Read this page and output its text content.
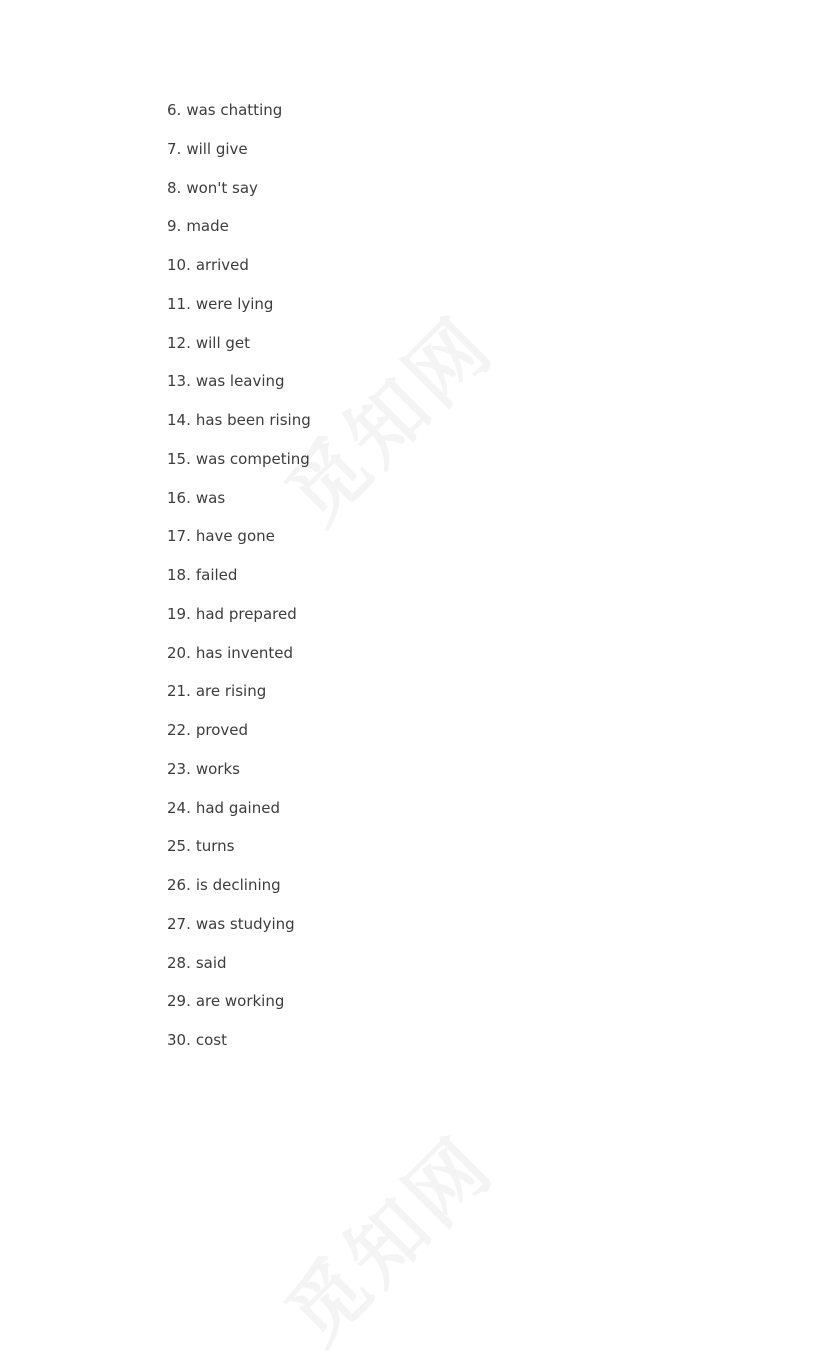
6. was chatting
7. will give
8. won't say
9. made
10. arrived
11. were lying
12. will get
13. was leaving
14. has been rising
15. was competing
16. was
17. have gone
18. failed
19. had prepared
20. has invented
21. are rising
22. proved
23. works
24. had gained
25. turns
26. is declining
27. was studying
28. said
29. are working
30. cost
